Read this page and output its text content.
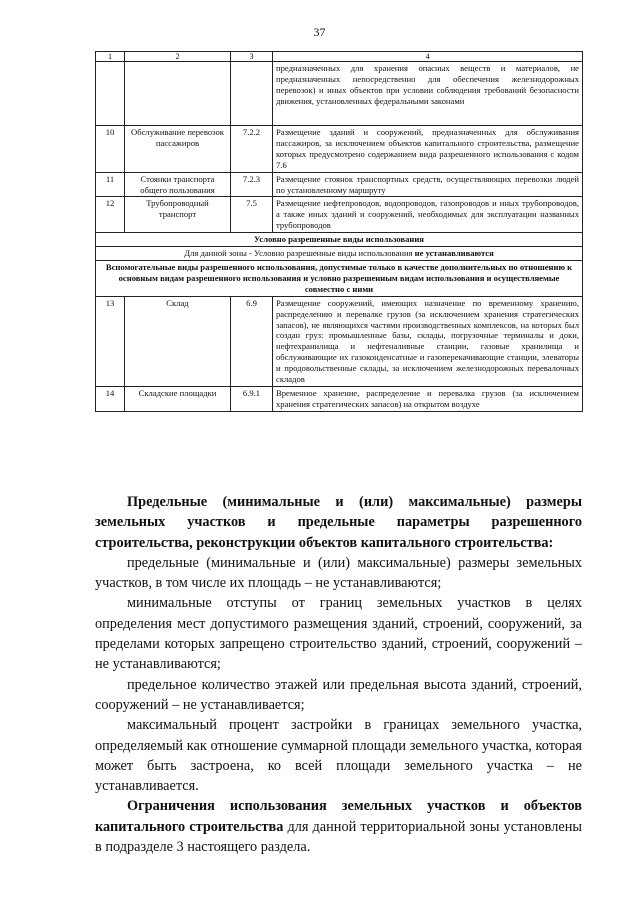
37
1	2	3	4
			предназначенных для хранения опасных веществ и материалов, не предназначенных непосредственно для обеспечения железнодорожных перевозок) и иных объектов при условии соблюдения требований безопасности движения, установленных федеральными законами
10	Обслуживание перевозок пассажиров	7.2.2	Размещение зданий и сооружений, предназначенных для обслуживания пассажиров, за исключением объектов капитального строительства, размещение которых предусмотрено содержанием вида разрешенного использования с кодом 7.6
11	Стоянки транспорта общего пользования	7.2.3	Размещение стоянок транспортных средств, осуществляющих перевозки людей по установленному маршруту
12	Трубопроводный транспорт	7.5	Размещение нефтепроводов, водопроводов, газопроводов и иных трубопроводов, а также иных зданий и сооружений, необходимых для эксплуатации названных трубопроводов
Условно разрешенные виды использования			
Для данной зоны - Условно разрешенные виды использования не устанавливаются			
Вспомогательные виды разрешенного использования, допустимые только в качестве дополнительных по отношению к основным видам разрешенного использования и условно разрешенным видам использования и осуществляемые совместно с ними			
13	Склад	6.9	Размещение сооружений, имеющих назначение по временному хранению, распределению и перевалке грузов (за исключением хранения стратегических запасов), не являющихся частями производственных комплексов, на которых был создан груз: промышленные базы, склады, погрузочные терминалы и доки, нефтехранилища и нефтеналивные станции, газовые хранилища и обслуживающие их газоконденсатные и газоперекачивающие станции, элеваторы и продовольственные склады, за исключением железнодорожных перевалочных складов
14	Складские площадки	6.9.1	Временное хранение, распределение и перевалка грузов (за исключением хранения стратегических запасов) на открытом воздухе

Предельные (минимальные и (или) максимальные) размеры земельных участков и предельные параметры разрешенного строительства, реконструкции объектов капитального строительства:

предельные (минимальные и (или) максимальные) размеры земельных участков, в том числе их площадь – не устанавливаются;

минимальные отступы от границ земельных участков в целях определения мест допустимого размещения зданий, строений, сооружений, за пределами которых запрещено строительство зданий, строений, сооружений – не устанавливаются;

предельное количество этажей или предельная высота зданий, строений, сооружений – не устанавливается;

максимальный процент застройки в границах земельного участка, определяемый как отношение суммарной площади земельного участка, которая может быть застроена, ко всей площади земельного участка – не устанавливается.

Ограничения использования земельных участков и объектов капитального строительства для данной территориальной зоны установлены в подразделе 3 настоящего раздела.
